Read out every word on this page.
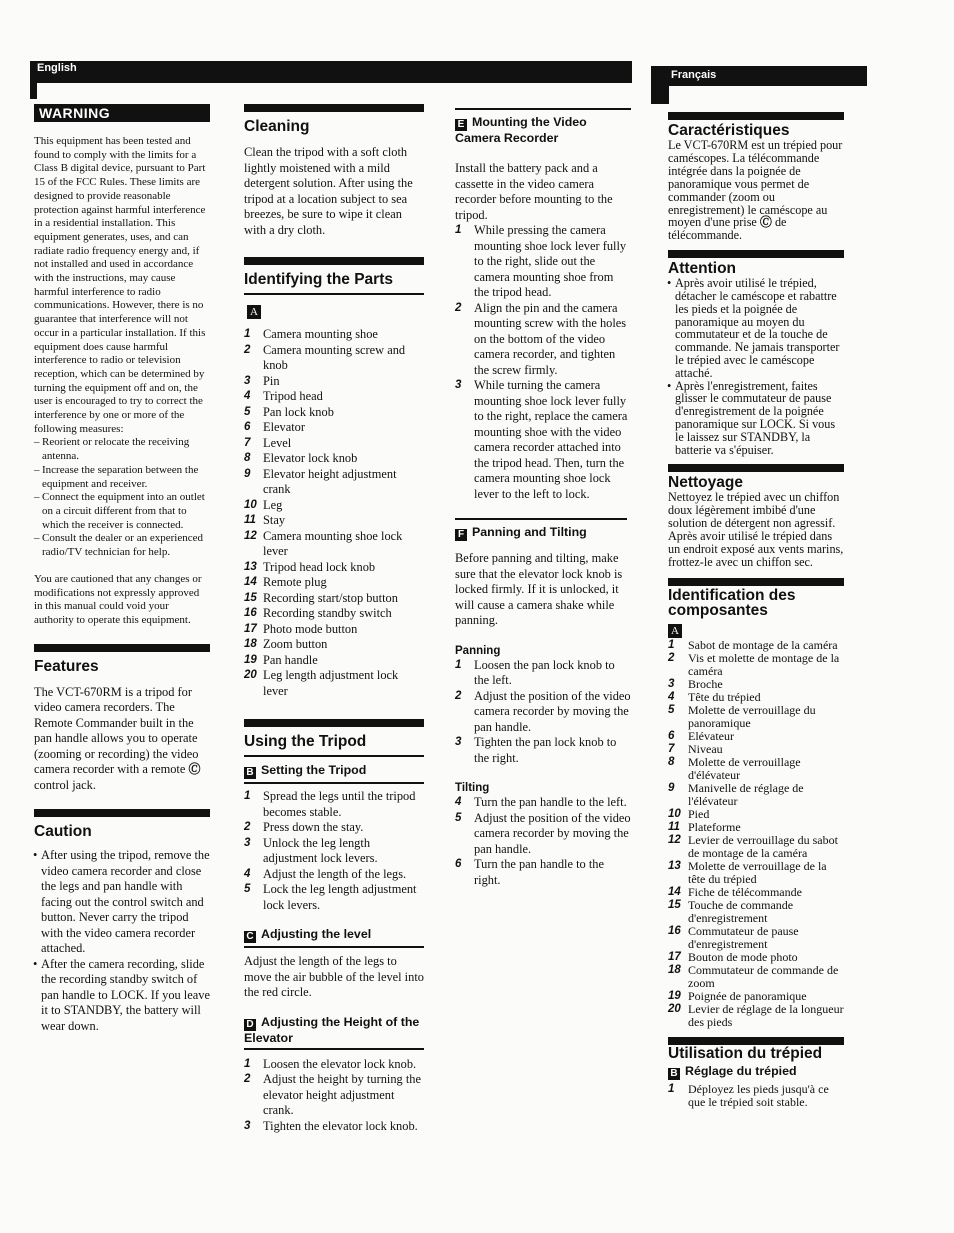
English
Français
WARNING

This equipment has been tested and found to comply with the limits for a Class B digital device, pursuant to Part 15 of the FCC Rules. These limits are designed to provide reasonable protection against harmful interference in a residential installation. This equipment generates, uses, and can radiate radio frequency energy and, if not installed and used in accordance with the instructions, may cause harmful interference to radio communications. However, there is no guarantee that interference will not occur in a particular installation. If this equipment does cause harmful interference to radio or television reception, which can be determined by turning the equipment off and on, the user is encouraged to try to correct the interference by one or more of the following measures:

– Reorient or relocate the receiving antenna.
– Increase the separation between the equipment and receiver.
– Connect the equipment into an outlet on a circuit different from that to which the receiver is connected.
– Consult the dealer or an experienced radio/TV technician for help.

You are cautioned that any changes or modifications not expressly approved in this manual could void your authority to operate this equipment.

Features

The VCT-670RM is a tripod for video camera recorders. The Remote Commander built in the pan handle allows you to operate (zooming or recording) the video camera recorder with a remote 🄫 control jack.

Caution
• After using the tripod, remove the video camera recorder and close the legs and pan handle with facing out the control switch and button. Never carry the tripod with the video camera recorder attached.
• After the camera recording, slide the recording standby switch of pan handle to LOCK. If you leave it to STANDBY, the battery will wear down.
Cleaning

Clean the tripod with a soft cloth lightly moistened with a mild detergent solution. After using the tripod at a location subject to sea breezes, be sure to wipe it clean with a dry cloth.

Identifying the Parts
A
1	Camera mounting shoe
2	Camera mounting screw and knob
3	Pin
4	Tripod head
5	Pan lock knob
6	Elevator
7	Level
8	Elevator lock knob
9	Elevator height adjustment crank
10 Leg
11 Stay
12 Camera mounting shoe lock lever
13 Tripod head lock knob
14 Remote plug
15 Recording start/stop button
16 Recording standby switch
17 Photo mode button
18 Zoom button
19 Pan handle
20 Leg length adjustment lock lever
Using the Tripod
B Setting the Tripod
1	Spread the legs until the tripod becomes stable.
2	Press down the stay.
3	Unlock the leg length adjustment lock levers.
4	Adjust the length of the legs.
5	Lock the leg length adjustment lock levers.
C Adjusting the level

Adjust the length of the legs to move the air bubble of the level into the red circle.

D Adjusting the Height of the Elevator
1	Loosen the elevator lock knob.
2	Adjust the height by turning the elevator height adjustment crank.
3	Tighten the elevator lock knob.
E Mounting the Video Camera Recorder

Install the battery pack and a cassette in the video camera recorder before mounting to the tripod.

1	While pressing the camera mounting shoe lock lever fully to the right, slide out the camera mounting shoe from the tripod head.
2	Align the pin and the camera mounting screw with the holes on the bottom of the video camera recorder, and tighten the screw firmly.
3	While turning the camera mounting shoe lock lever fully to the right, replace the camera mounting shoe with the video camera recorder attached into the tripod head. Then, turn the camera mounting shoe lock lever to the left to lock.
F Panning and Tilting

Before panning and tilting, make sure that the elevator lock knob is locked firmly. If it is unlocked, it will cause a camera shake while panning.

Panning

1	Loosen the pan lock knob to the left.
2	Adjust the position of the video camera recorder by moving the pan handle.
3	Tighten the pan lock knob to the right.

Tilting

4	Turn the pan handle to the left.
5	Adjust the position of the video camera recorder by moving the pan handle.
6	Turn the pan handle to the right.
Caractéristiques

Le VCT-670RM est un trépied pour caméscopes. La télécommande intégrée dans la poignée de panoramique vous permet de commander (zoom ou enregistrement) le caméscope au moyen d'une prise 🄫 de télécommande.

Attention
• Après avoir utilisé le trépied, détacher le caméscope et rabattre les pieds et la poignée de panoramique au moyen du commutateur et de la touche de commande. Ne jamais transporter le trépied avec le caméscope attaché.
• Après l'enregistrement, faites glisser le commutateur de pause d'enregistrement de la poignée panoramique sur LOCK. Si vous le laissez sur STANDBY, la batterie va s'épuiser.
Nettoyage

Nettoyez le trépied avec un chiffon doux légèrement imbibé d'une solution de détergent non agressif. Après avoir utilisé le trépied dans un endroit exposé aux vents marins, frottez-le avec un chiffon sec.

Identification des composantes
A
1	Sabot de montage de la caméra
2	Vis et molette de montage de la caméra
3	Broche
4	Tête du trépied
5	Molette de verrouillage du panoramique
6	Elévateur
7	Niveau
8	Molette de verrouillage d'élévateur
9	Manivelle de réglage de l'élévateur
10 Pied
11 Plateforme
12 Levier de verrouillage du sabot de montage de la caméra
13 Molette de verrouillage de la tête du trépied
14 Fiche de télécommande
15 Touche de commande d'enregistrement
16 Commutateur de pause d'enregistrement
17 Bouton de mode photo
18 Commutateur de commande de zoom
19 Poignée de panoramique
20 Levier de réglage de la longueur des pieds
Utilisation du trépied
B Réglage du trépied
1	Déployez les pieds jusqu'à ce que le trépied soit stable.
